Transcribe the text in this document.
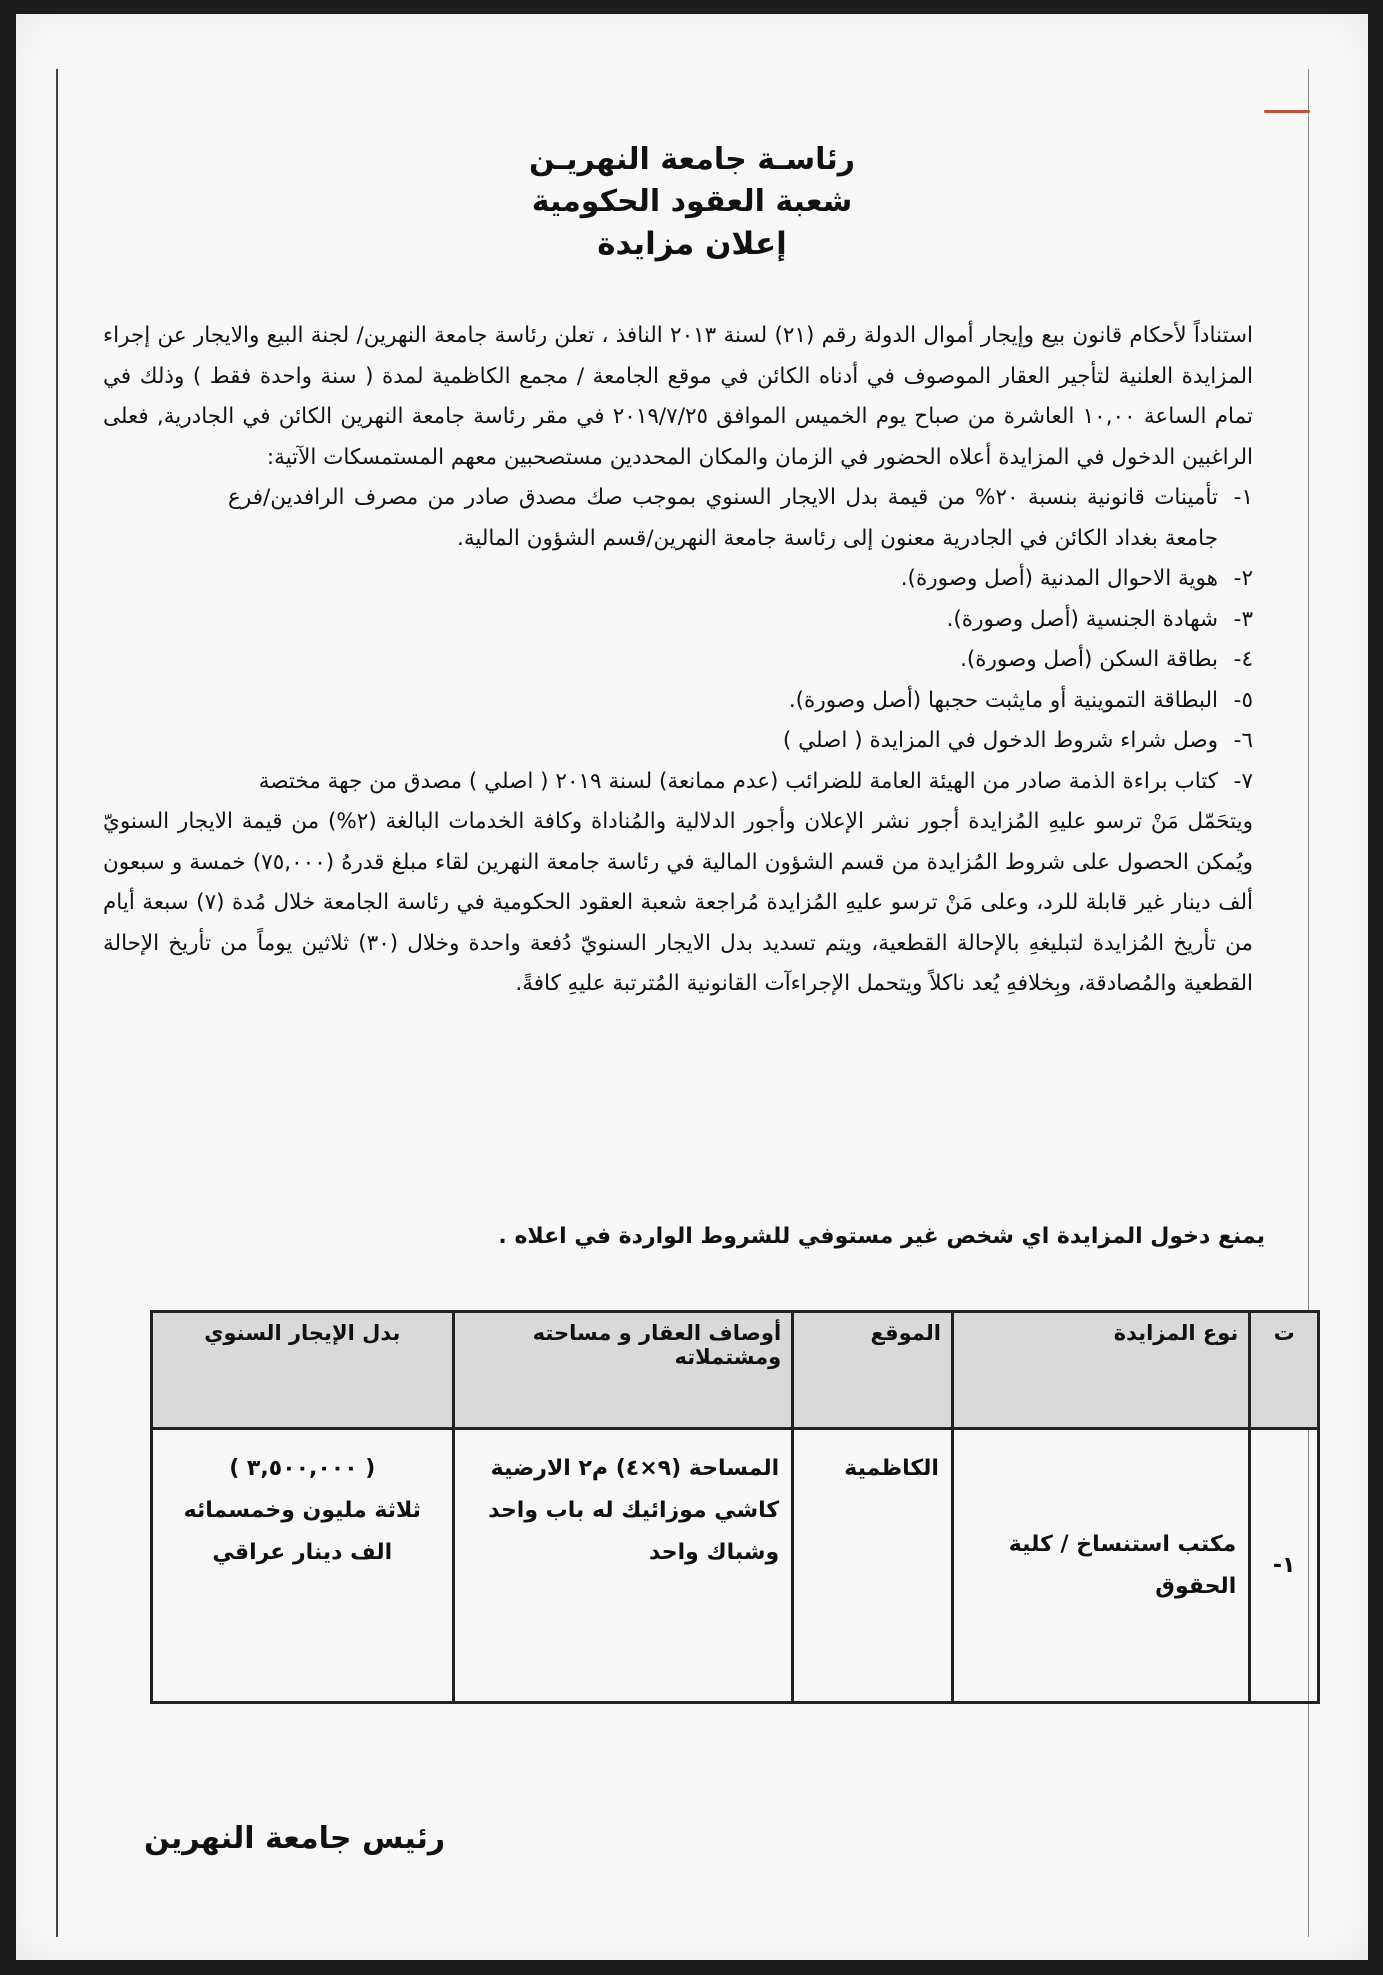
رئاسـة جامعة النهريـن
شعبة العقود الحكومية
إعلان مزايدة

استناداً لأحكام قانون بيع وإيجار أموال الدولة رقم (٢١) لسنة ٢٠١٣ النافذ ، تعلن رئاسة جامعة النهرين/ لجنة البيع والايجار عن إجراء المزايدة العلنية لتأجير العقار الموصوف في أدناه الكائن في موقع الجامعة / مجمع الكاظمية لمدة ( سنة واحدة فقط ) وذلك في تمام الساعة ١٠,٠٠ العاشرة من صباح يوم الخميس الموافق ٢٠١٩/٧/٢٥ في مقر رئاسة جامعة النهرين الكائن في الجادرية, فعلى الراغبين الدخول في المزايدة أعلاه الحضور في الزمان والمكان المحددين مستصحبين معهم المستمسكات الآتية:

١-
تأمينات قانونية بنسبة ٢٠% من قيمة بدل الايجار السنوي بموجب صك مصدق صادر من مصرف الرافدين/فرع جامعة بغداد الكائن في الجادرية معنون إلى رئاسة جامعة النهرين/قسم الشؤون المالية.
٢-
هوية الاحوال المدنية (أصل وصورة).
٣-
شهادة الجنسية (أصل وصورة).
٤-
بطاقة السكن (أصل وصورة).
٥-
البطاقة التموينية أو مايثبت حجبها (أصل وصورة).
٦-
وصل شراء شروط الدخول في المزايدة ( اصلي )
٧-
كتاب براءة الذمة صادر من الهيئة العامة للضرائب (عدم ممانعة) لسنة ٢٠١٩ ( اصلي ) مصدق من جهة مختصة

ويتحَمّل مَنْ ترسو عليهِ المُزايدة أجور نشر الإعلان وأجور الدلالية والمُناداة وكافة الخدمات البالغة (٢%) من قيمة الايجار السنويّ ويُمكن الحصول على شروط المُزايدة من قسم الشؤون المالية في رئاسة جامعة النهرين لقاء مبلغ قدرهُ (٧٥,٠٠٠) خمسة و سبعون ألف دينار غير قابلة للرد، وعلى مَنْ ترسو عليهِ المُزايدة مُراجعة شعبة العقود الحكومية في رئاسة الجامعة خلال مُدة (٧) سبعة أيام من تأريخ المُزايدة لتبليغهِ بالإحالة القطعية، ويتم تسديد بدل الايجار السنويّ دُفعة واحدة وخلال (٣٠) ثلاثين يوماً من تأريخ الإحالة القطعية والمُصادقة، وبِخلافهِ يُعد ناكلاً ويتحمل الإجراءآت القانونية المُترتبة عليهِ كافةً.

يمنع دخول المزايدة اي شخص غير مستوفي للشروط الواردة في اعلاه .
ت	نوع المزايدة	الموقع	أوصاف العقار و مساحته ومشتملاته	بدل الإيجار السنوي
١-	مكتب استنساخ / كلية الحقوق	الكاظمية	المساحة (٩×٤) م٢ الارضية كاشي موزائيك له باب واحد وشباك واحد	( ٣,٥٠٠,٠٠٠ )
ثلاثة مليون وخمسمائه الف دينار عراقي
رئيس جامعة النهرين
